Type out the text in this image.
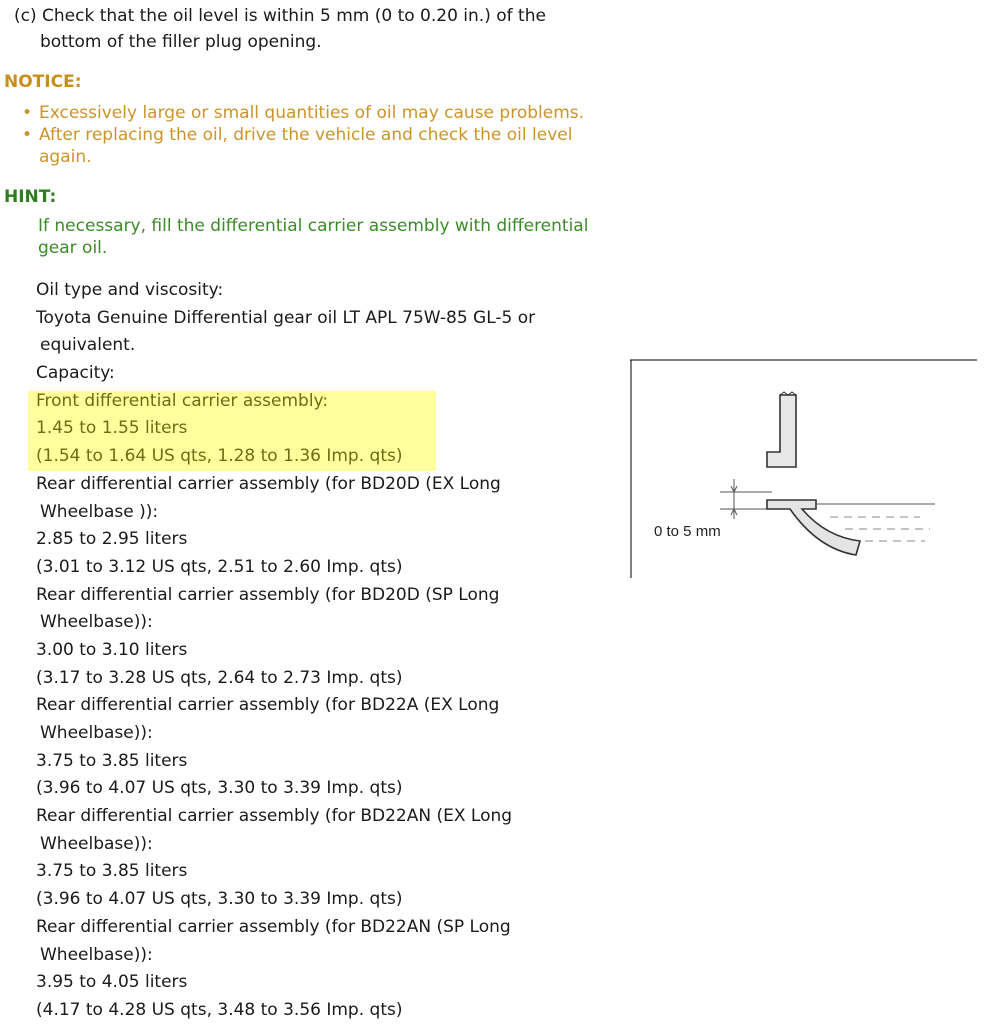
(c) Check that the oil level is within 5 mm (0 to 0.20 in.) of the
bottom of the filler plug opening.
NOTICE:
• Excessively large or small quantities of oil may cause problems.
• After replacing the oil, drive the vehicle and check the oil level
again.
HINT:
If necessary, fill the differential carrier assembly with differential
gear oil.
Oil type and viscosity:
Toyota Genuine Differential gear oil LT APL 75W-85 GL-5 or
equivalent.
Capacity:
Front differential carrier assembly:
1.45 to 1.55 liters
(1.54 to 1.64 US qts, 1.28 to 1.36 Imp. qts)
Rear differential carrier assembly (for BD20D (EX Long
Wheelbase )):
2.85 to 2.95 liters
(3.01 to 3.12 US qts, 2.51 to 2.60 Imp. qts)
Rear differential carrier assembly (for BD20D (SP Long
Wheelbase)):
3.00 to 3.10 liters
(3.17 to 3.28 US qts, 2.64 to 2.73 Imp. qts)
Rear differential carrier assembly (for BD22A (EX Long
Wheelbase)):
3.75 to 3.85 liters
(3.96 to 4.07 US qts, 3.30 to 3.39 Imp. qts)
Rear differential carrier assembly (for BD22AN (EX Long
Wheelbase)):
3.75 to 3.85 liters
(3.96 to 4.07 US qts, 3.30 to 3.39 Imp. qts)
Rear differential carrier assembly (for BD22AN (SP Long
Wheelbase)):
3.95 to 4.05 liters
(4.17 to 4.28 US qts, 3.48 to 3.56 Imp. qts)
0 to 5 mm
